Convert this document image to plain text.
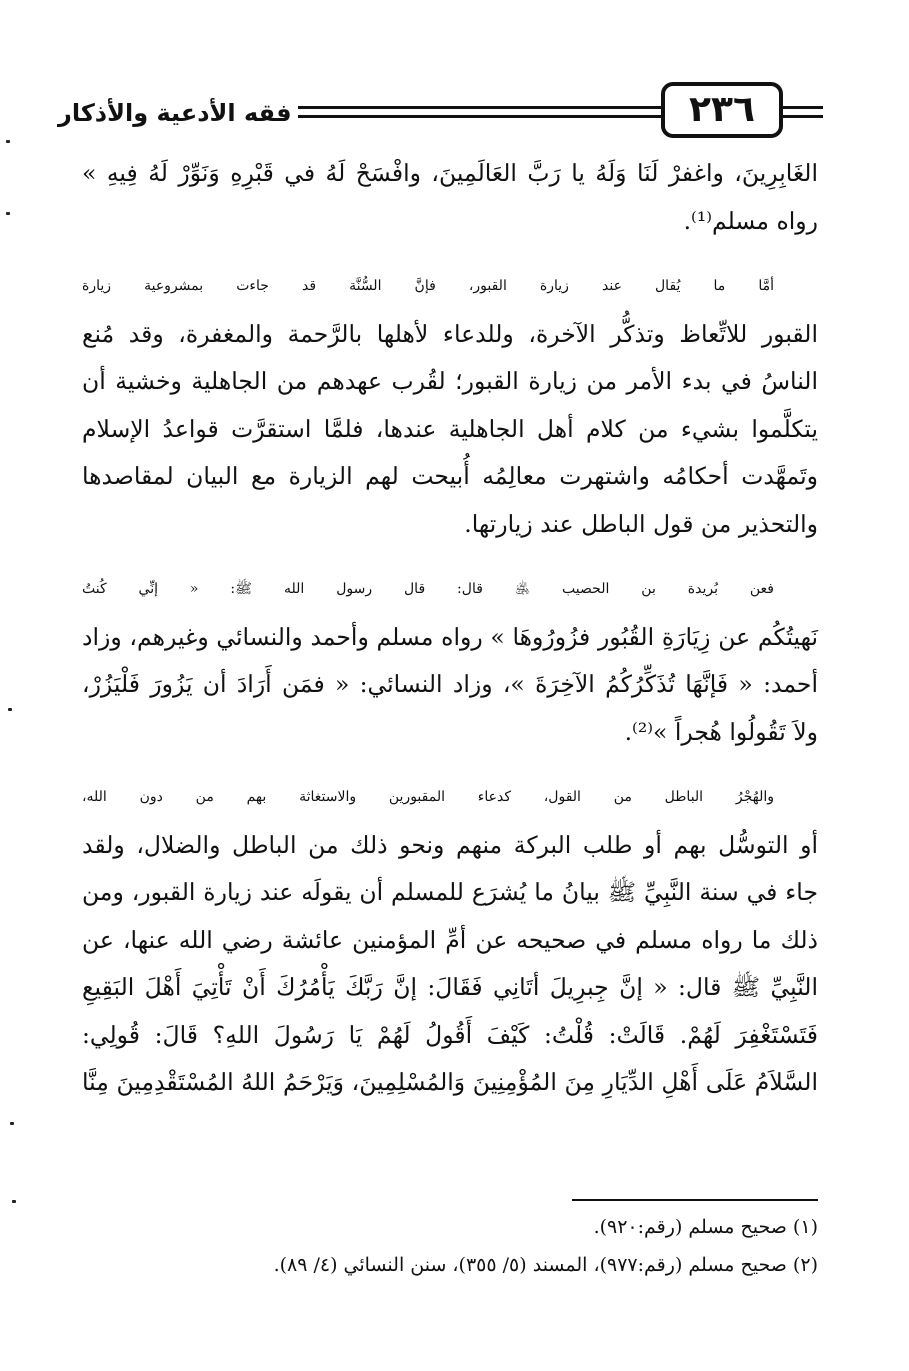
فقه الأدعية والأذكار	٢٣٦
الغَابِرِينَ، واغفرْ لَنَا وَلَهُ يا رَبَّ العَالَمِينَ، وافْسَحْ لَهُ في قَبْرِهِ وَنَوِّرْ لَهُ فِيهِ »
رواه مسلم⁽¹⁾.
أمَّا ما يُقال عند زيارة القبور، فإنَّ السُّنَّة قد جاءت بمشروعية زيارة
القبور للاتِّعاظ وتذكُّر الآخرة، وللدعاء لأهلها بالرَّحمة والمغفرة، وقد مُنع
الناسُ في بدء الأمر من زيارة القبور؛ لقُرب عهدهم من الجاهلية وخشية أن
يتكلَّموا بشيء من كلام أهل الجاهلية عندها، فلمَّا استقرَّت قواعدُ الإسلام
وتَمهَّدت أحكامُه واشتهرت معالِمُه أُبيحت لهم الزيارة مع البيان لمقاصدها
والتحذير من قول الباطل عند زيارتها.
فعن بُريدة بن الحصيب ﵁ قال: قال رسول الله ﷺ: « إنِّي كُنتُ
نَهيتُكُم عن زِيَارَةِ القُبُور فزُورُوهَا » رواه مسلم وأحمد والنسائي وغيرهم، وزاد
أحمد: « فَإنَّهَا تُذَكِّرُكُمُ الآخِرَةَ »، وزاد النسائي: « فمَن أَرَادَ أن يَزُورَ فَلْيَزُرْ،
ولاَ تَقُولُوا هُجراً »⁽²⁾.
والهُجْرُ الباطل من القول، كدعاء المقبورين والاستغاثة بهم من دون الله،
أو التوسُّل بهم أو طلب البركة منهم ونحو ذلك من الباطل والضلال، ولقد
جاء في سنة النَّبِيِّ ﷺ بيانُ ما يُشرَع للمسلم أن يقولَه عند زيارة القبور، ومن
ذلك ما رواه مسلم في صحيحه عن أمِّ المؤمنين عائشة رضي الله عنها، عن
النَّبِيِّ ﷺ قال: « إنَّ جِبرِيلَ أتَانِي فَقَالَ: إنَّ رَبَّكَ يَأْمُرُكَ أَنْ تَأْتِيَ أَهْلَ البَقِيعِ
فَتَسْتَغْفِرَ لَهُمْ. قَالَتْ: قُلْتُ: كَيْفَ أَقُولُ لَهُمْ يَا رَسُولَ اللهِ؟ قَالَ: قُولِي:
السَّلاَمُ عَلَى أَهْلِ الدِّيَارِ مِنَ المُؤْمِنِينَ وَالمُسْلِمِينَ، وَيَرْحَمُ اللهُ المُسْتَقْدِمِينَ مِنَّا
(١) صحيح مسلم (رقم:٩٢٠).
(٢) صحيح مسلم (رقم:٩٧٧)، المسند (٥/ ٣٥٥)، سنن النسائي (٤/ ٨٩).
